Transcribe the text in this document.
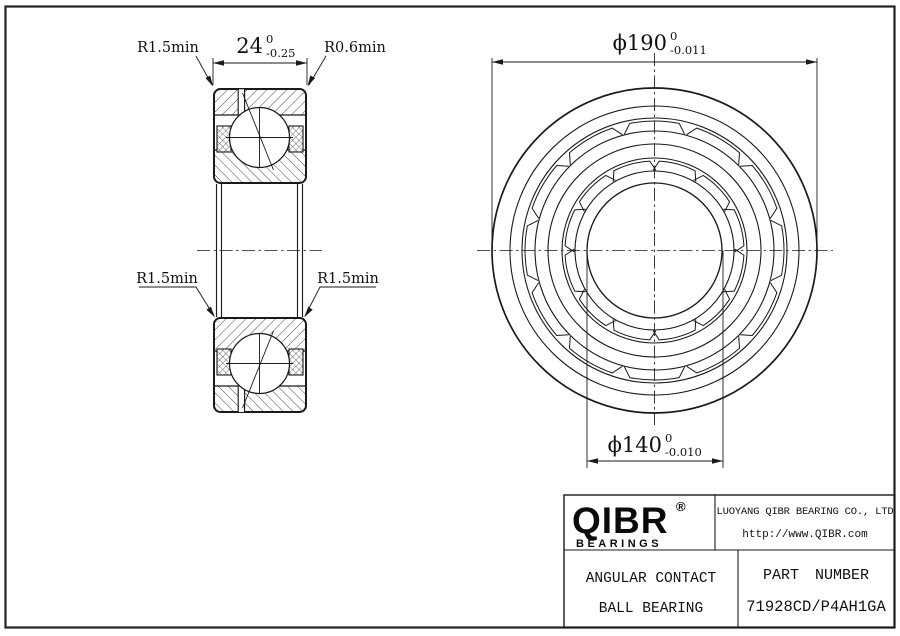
24 0
-0.25
R1.5min	R0.6min
R1.5min	R1.5min
ϕ190 0
-0.011
ϕ140 0
-0.010
QIBR ®
BEARINGS
LUOYANG QIBR BEARING CO., LTD
http://www.QIBR.com
ANGULAR CONTACT
BALL BEARING
PART NUMBER
71928CD/P4AH1GA
